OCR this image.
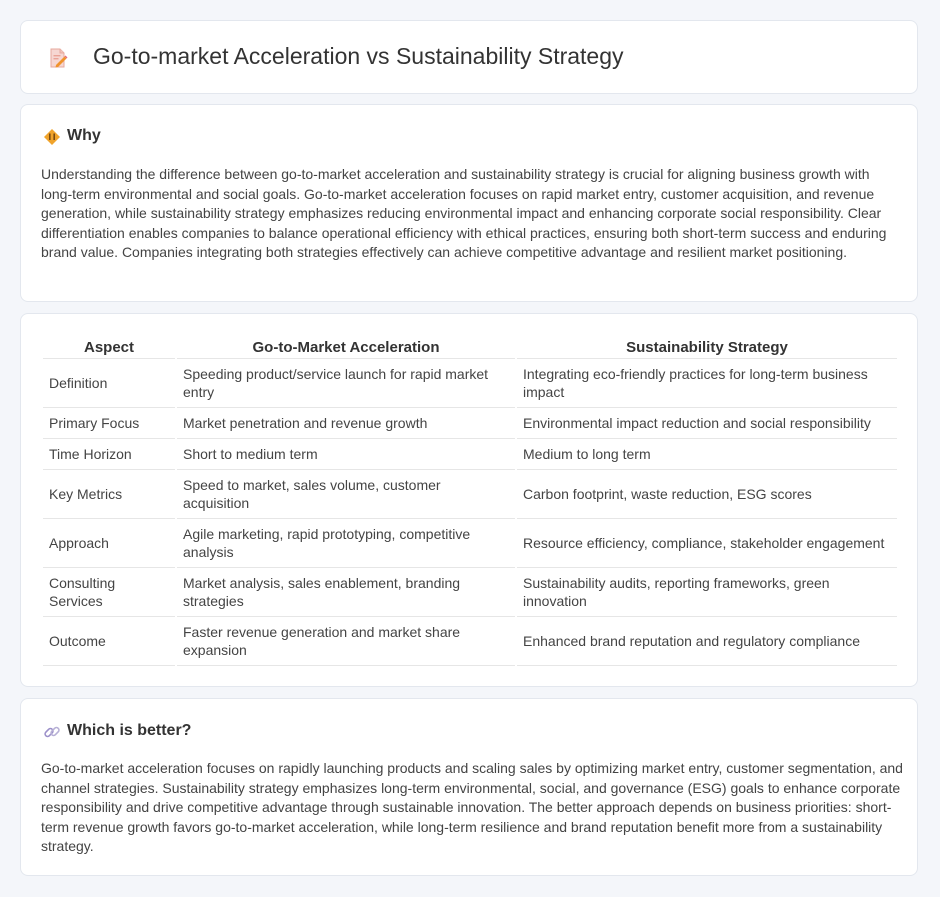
Go-to-market Acceleration vs Sustainability Strategy
Why

Understanding the difference between go-to-market acceleration and sustainability strategy is crucial for aligning business growth with long-term environmental and social goals. Go-to-market acceleration focuses on rapid market entry, customer acquisition, and revenue generation, while sustainability strategy emphasizes reducing environmental impact and enhancing corporate social responsibility. Clear differentiation enables companies to balance operational efficiency with ethical practices, ensuring both short-term success and enduring brand value. Companies integrating both strategies effectively can achieve competitive advantage and resilient market positioning.

Aspect	Go-to-Market Acceleration	Sustainability Strategy
Definition	Speeding product/service launch for rapid market entry	Integrating eco-friendly practices for long-term business impact
Primary Focus	Market penetration and revenue growth	Environmental impact reduction and social responsibility
Time Horizon	Short to medium term	Medium to long term
Key Metrics	Speed to market, sales volume, customer acquisition	Carbon footprint, waste reduction, ESG scores
Approach	Agile marketing, rapid prototyping, competitive analysis	Resource efficiency, compliance, stakeholder engagement
Consulting Services	Market analysis, sales enablement, branding strategies	Sustainability audits, reporting frameworks, green innovation
Outcome	Faster revenue generation and market share expansion	Enhanced brand reputation and regulatory compliance
Which is better?

Go-to-market acceleration focuses on rapidly launching products and scaling sales by optimizing market entry, customer segmentation, and channel strategies. Sustainability strategy emphasizes long-term environmental, social, and governance (ESG) goals to enhance corporate responsibility and drive competitive advantage through sustainable innovation. The better approach depends on business priorities: short-term revenue growth favors go-to-market acceleration, while long-term resilience and brand reputation benefit more from a sustainability strategy.
